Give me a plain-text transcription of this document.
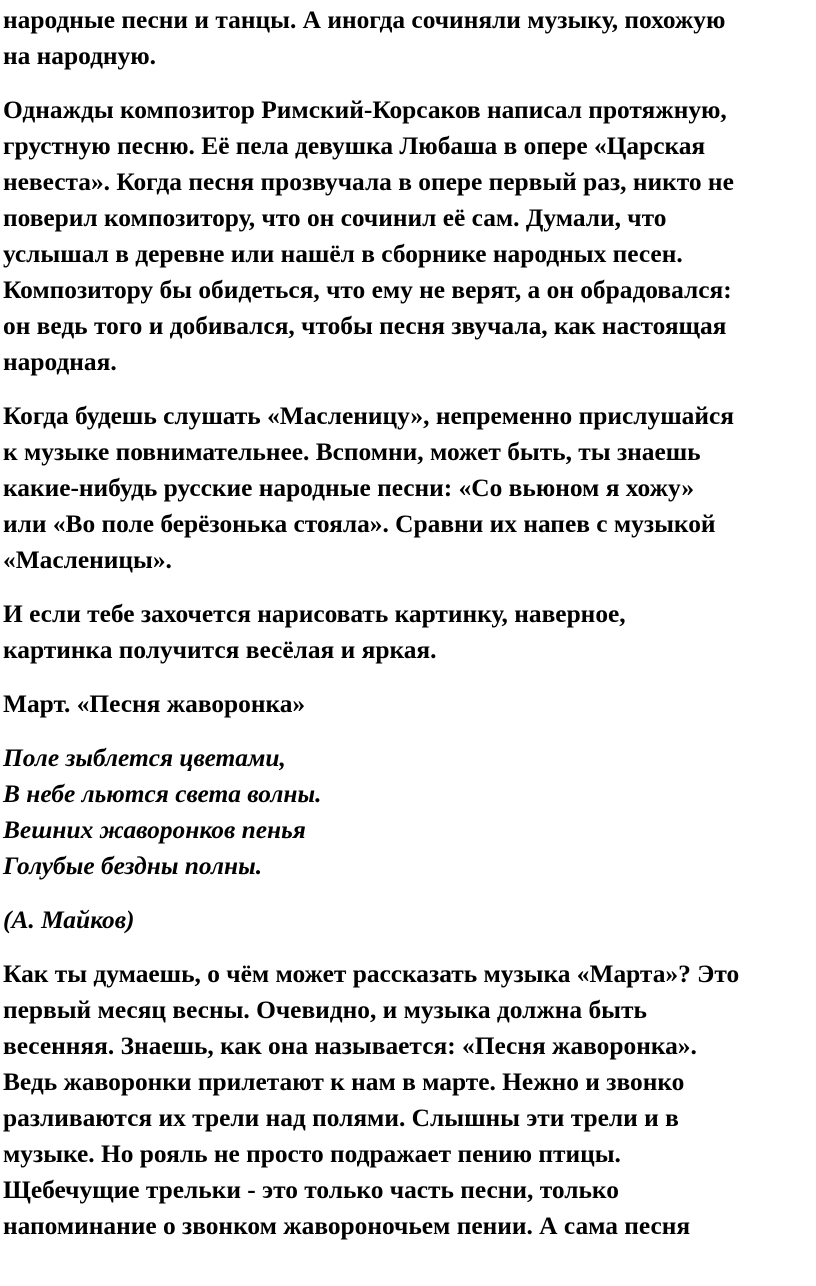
народные песни и танцы. А иногда сочиняли музыку, похожую
на народную.

Однажды композитор Римский-Корсаков написал протяжную,
грустную песню. Её пела девушка Любаша в опере «Царская
невеста». Когда песня прозвучала в опере первый раз, никто не
поверил композитору, что он сочинил её сам. Думали, что
услышал в деревне или нашёл в сборнике народных песен.
Композитору бы обидеться, что ему не верят, а он обрадовался:
он ведь того и добивался, чтобы песня звучала, как настоящая
народная.

Когда будешь слушать «Масленицу», непременно прислушайся
к музыке повнимательнее. Вспомни, может быть, ты знаешь
какие-нибудь русские народные песни: «Со вьюном я хожу»
или «Во поле берёзонька стояла». Сравни их напев с музыкой
«Масленицы».

И если тебе захочется нарисовать картинку, наверное,
картинка получится весёлая и яркая.

Март. «Песня жаворонка»

Поле зыблется цветами,
В небе льются света волны.
Вешних жаворонков пенья
Голубые бездны полны.

(А. Майков)

Как ты думаешь, о чём может рассказать музыка «Марта»? Это
первый месяц весны. Очевидно, и музыка должна быть
весенняя. Знаешь, как она называется: «Песня жаворонка».
Ведь жаворонки прилетают к нам в марте. Нежно и звонко
разливаются их трели над полями. Слышны эти трели и в
музыке. Но рояль не просто подражает пению птицы.
Щебечущие трельки - это только часть песни, только
напоминание о звонком жавороночьем пении. А сама песня
